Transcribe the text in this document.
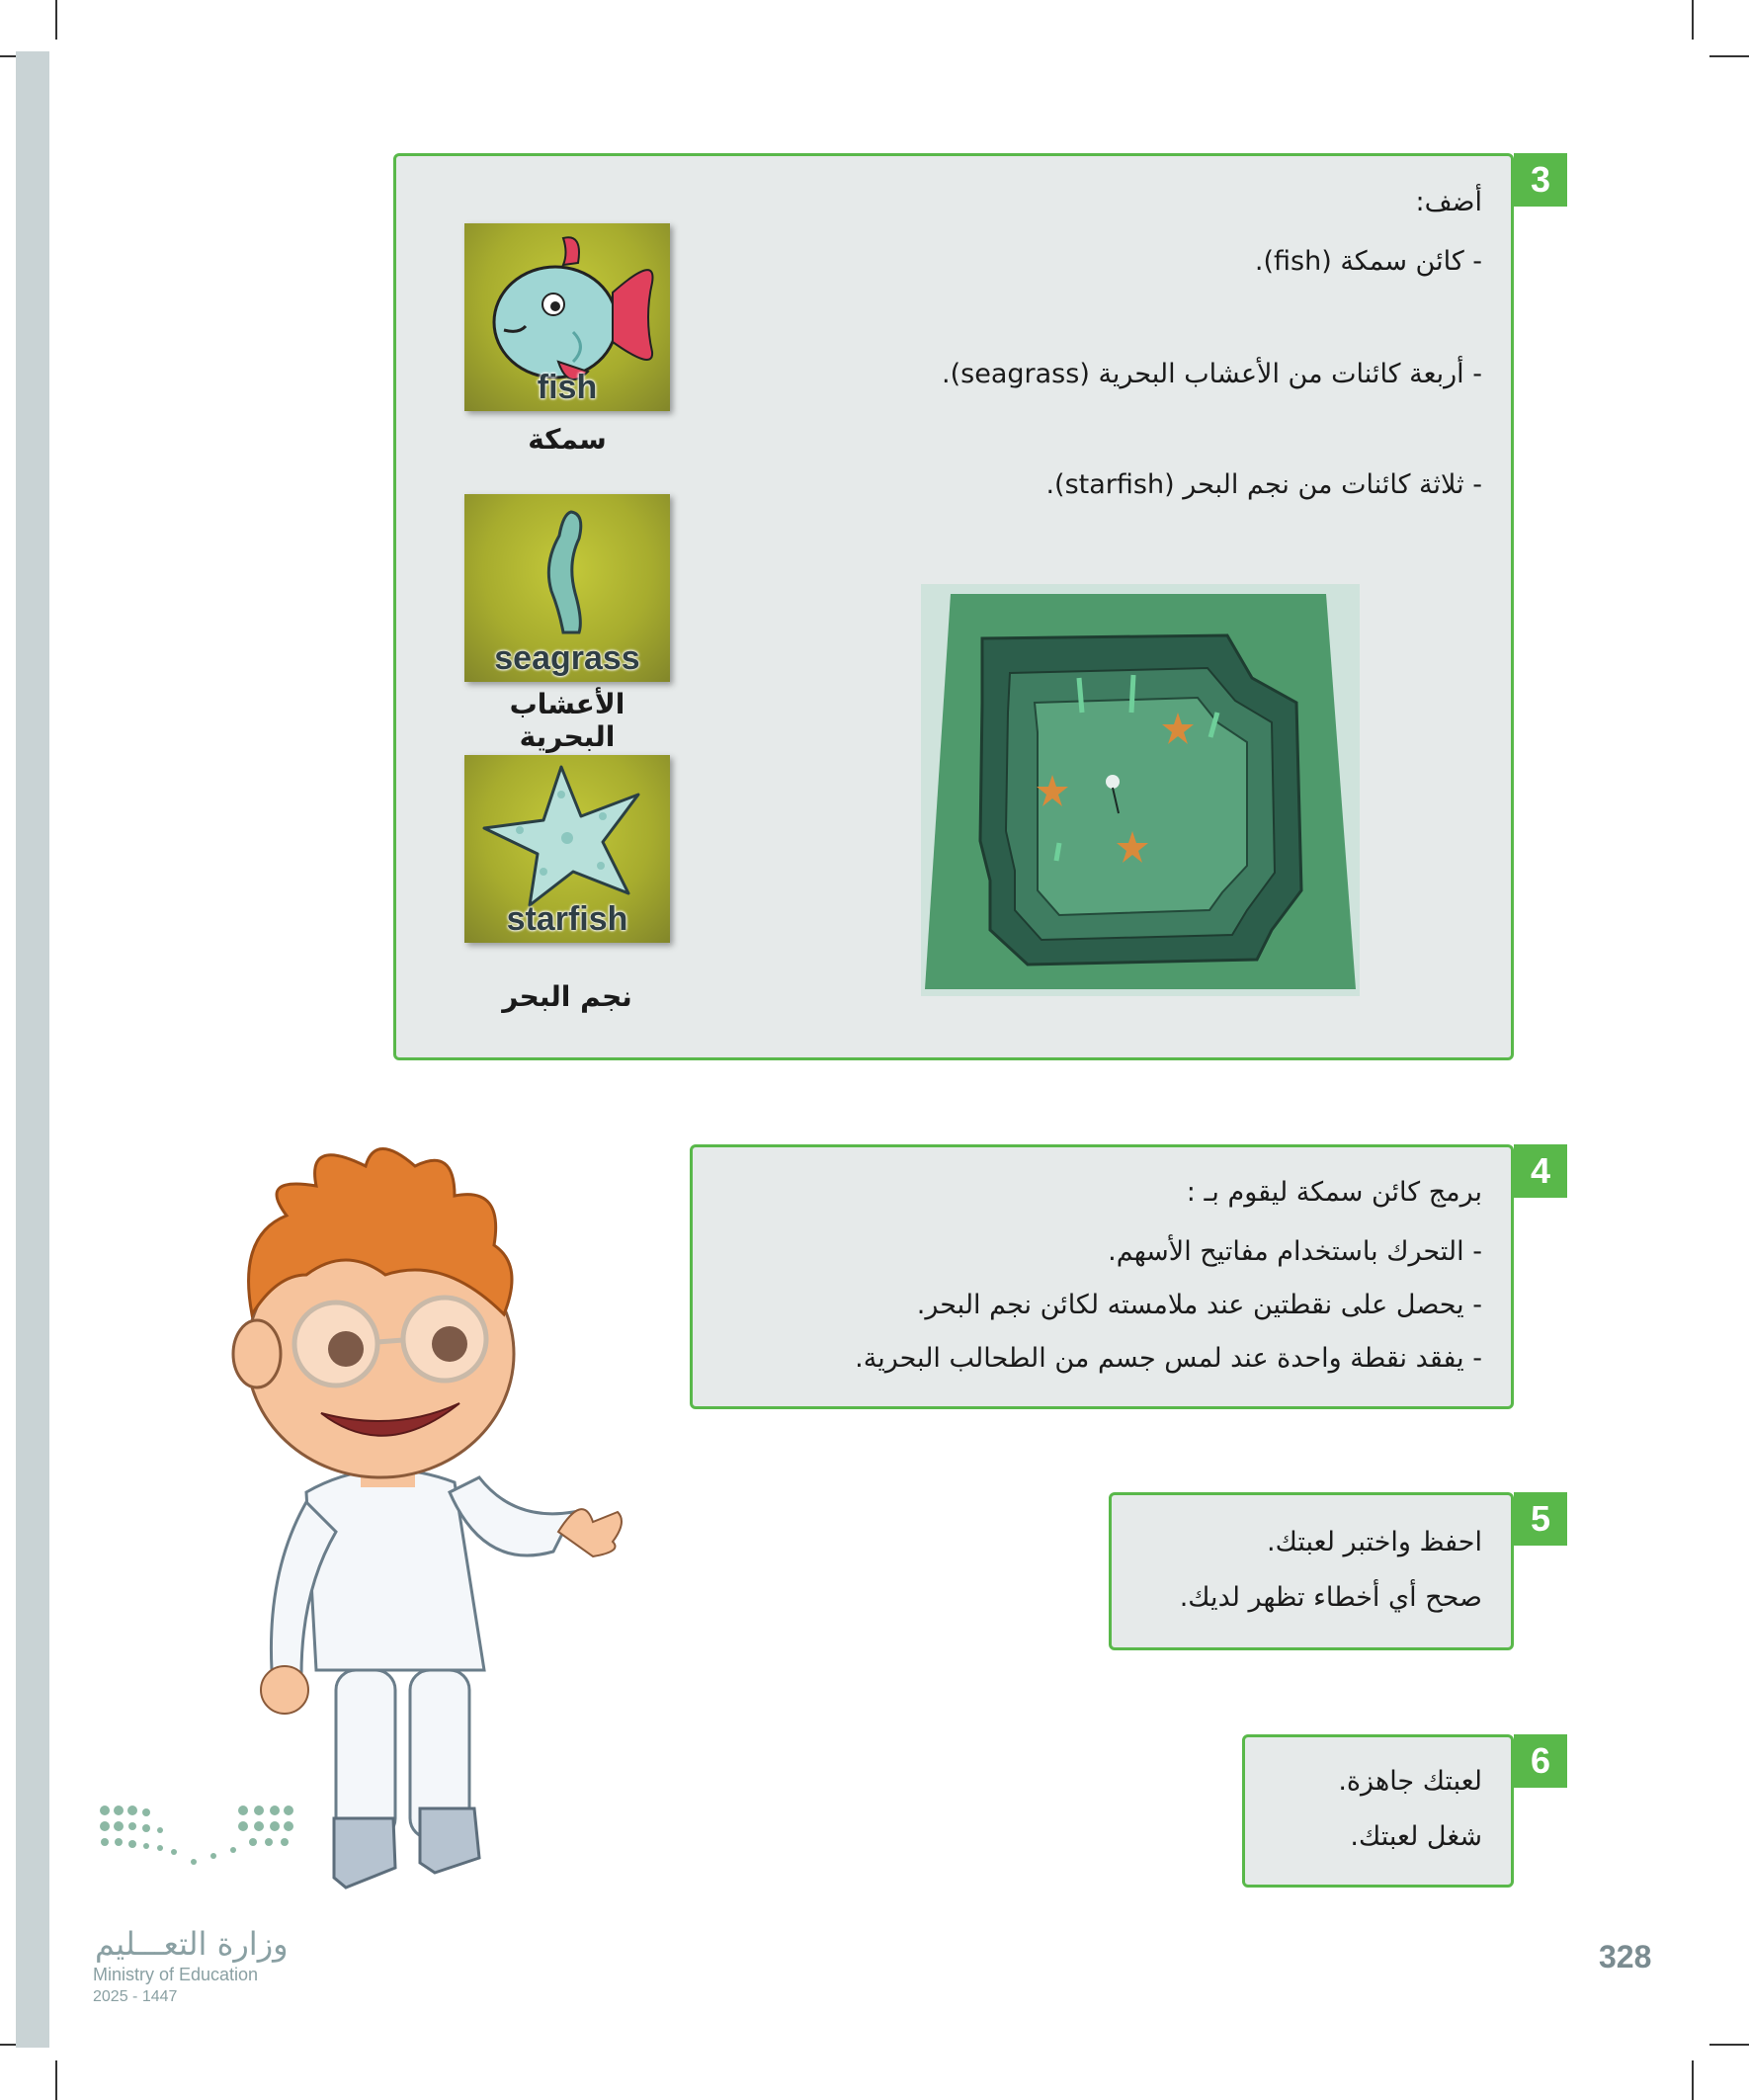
3
أضف:
- كائن سمكة (fish).
- أربعة كائنات من الأعشاب البحرية (seagrass).
- ثلاثة كائنات من نجم البحر (starfish).
fish
سمكة
seagrass
الأعشاب البحرية
starfish
نجم البحر
4
برمج كائن سمكة ليقوم بـ :
- التحرك باستخدام مفاتيح الأسهم.
- يحصل على نقطتين عند ملامسته لكائن نجم البحر.
- يفقد نقطة واحدة عند لمس جسم من الطحالب البحرية.
5
احفظ واختبر لعبتك.
صحح أي أخطاء تظهر لديك.
6
لعبتك جاهزة.
شغل لعبتك.
وزارة التعـــليم
Ministry of Education
2025 - 1447
328
